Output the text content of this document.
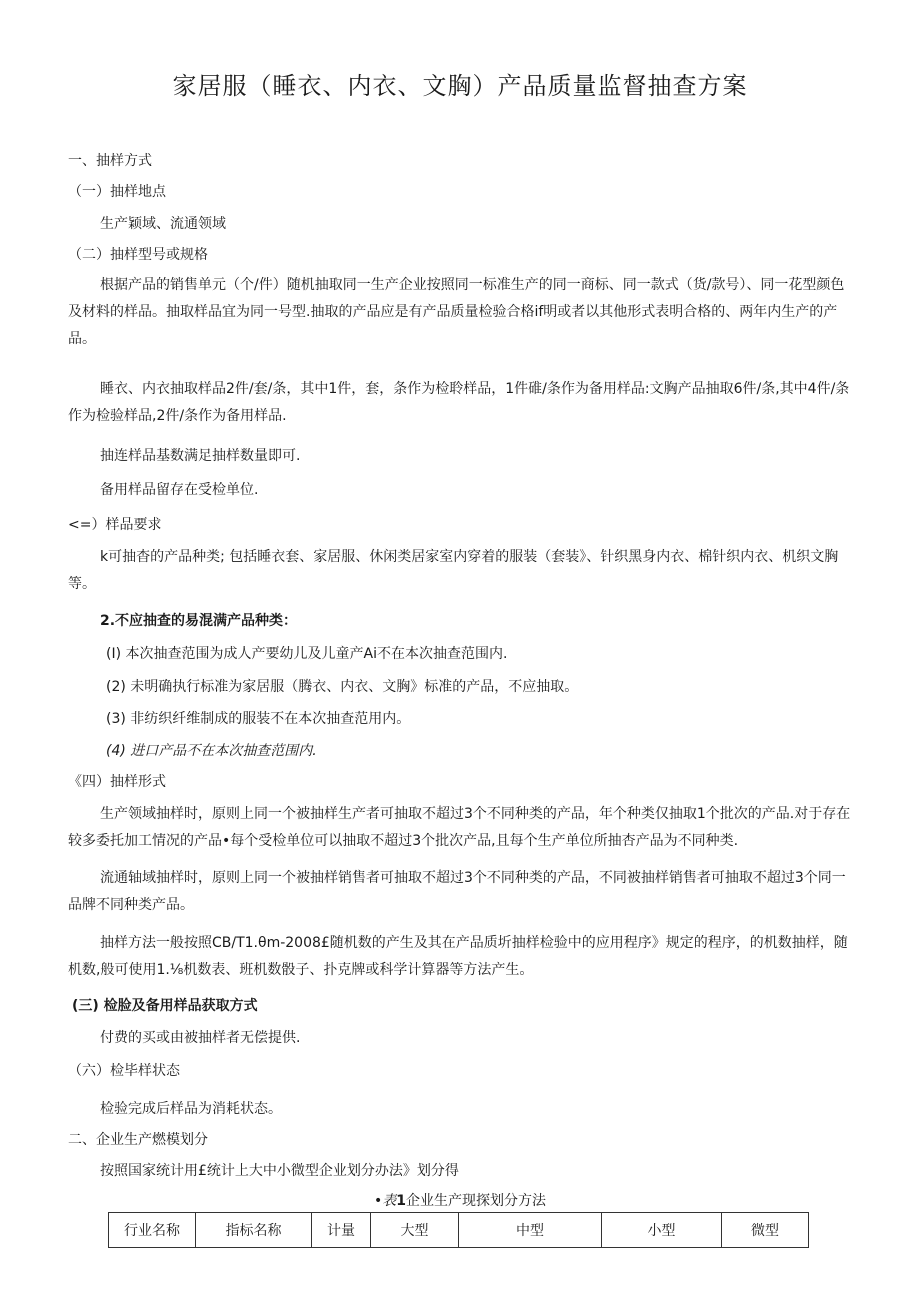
家居服（睡衣、内衣、文胸）产品质量监督抽查方案
一、抽样方式
（一）抽样地点
生产颖域、流通领域
（二）抽样型号或规格
根据产品的销售单元（个/件）随机抽取同一生产企业按照同一标准生产的同一商标、同一款式（货/款号）、同一花型颜色及材料的样品。抽取样品宜为同一号型.抽取的产品应是有产品质量检验合格if明或者以其他形式表明合格的、两年内生产的产品。
睡衣、内衣抽取样品2件/套/条，其中1件，套，条作为检聆样品，1件碓/条作为备用样品:文胸产品抽取6件/条,其中4件/条作为检验样品,2件/条作为备用样品.
抽连样品基数满足抽样数量即可.
备用样品留存在受检单位.
<=）样品要求
k可抽杳的产品种类; 包括睡衣套、家居服、休闲类居家室内穿着的服装（套装》、针织黑身内衣、棉针织内衣、机织文胸等。
2.不应抽查的易混满产品种类：
(I) 本次抽查范围为成人产要幼儿及儿童产Ai不在本次抽查范围内.
(2) 未明确执行标准为家居服（腾衣、内衣、文胸》标准的产品，不应抽取。
(3) 非纺织纤维制成的服装不在本次抽查范用内。
(4) 进口产品不在本次抽查范围内.
《四）抽样形式
生产领域抽样时，原则上同一个被抽样生产者可抽取不超过3个不同种类的产品，年个种类仅抽取1个批次的产品.对于存在较多委托加工情况的产品•每个受检单位可以抽取不超过3个批次产品,且每个生产单位所抽杏产品为不同种类.
流通轴域抽样时，原则上同一个被抽样销售者可抽取不超过3个不同种类的产品，不同被抽样销售者可抽取不超过3个同一品牌不同种类产品。
抽样方法一般按照CB/T1.θm-2008£随机数的产生及其在产品质圻抽样检验中的应用程序》规定的程序，的机数抽样，随机数,般可使用1.⅛机数表、班机数骰子、扑克牌或科学计算器等方法产生。
(三) 检脸及备用样品获取方式
付费的买或由被抽样者无偿提供.
（六）检毕样状态
检验完成后样品为消耗状态。
二、企业生产燃模划分
按照国家统计用£统计上大中小微型企业划分办法》划分得
•表1企业生产现探划分方法
行业名称	指标名称	计量	大型	中型	小型	微型
